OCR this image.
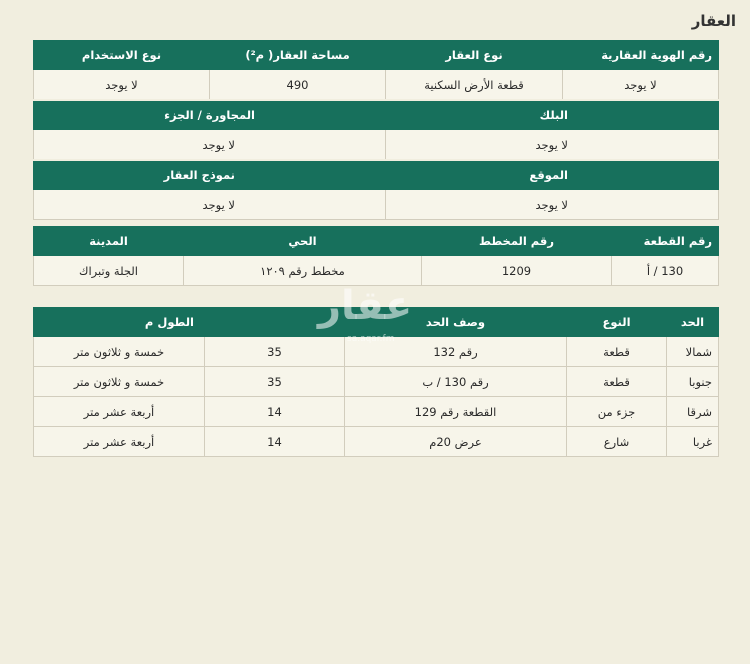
العقار
رقم الهوية العقارية	نوع العقار	مساحة العقار( م²)	نوع الاستخدام
لا يوجد	قطعة الأرض السكنية	490	لا يوجد
البلك		المجاورة / الجزء	
لا يوجد		لا يوجد	
الموقع		نموذج العقار	
لا يوجد		لا يوجد	
رقم القطعة	رقم المخطط	الحي	المدينة
130 / أ	1209	مخطط رقم ١٢٠٩	الجلة وتبراك
الحد	النوع	وصف الحد	الطول م	
شمالا	قطعة	رقم 132	35	خمسة و ثلاثون متر
جنوبا	قطعة	رقم 130 / ب	35	خمسة و ثلاثون متر
شرقا	جزء من	القطعة رقم 129	14	أربعة عشر متر
غربا	شارع	عرض 20م	14	أربعة عشر متر
عقار
sa.aqar.fm
